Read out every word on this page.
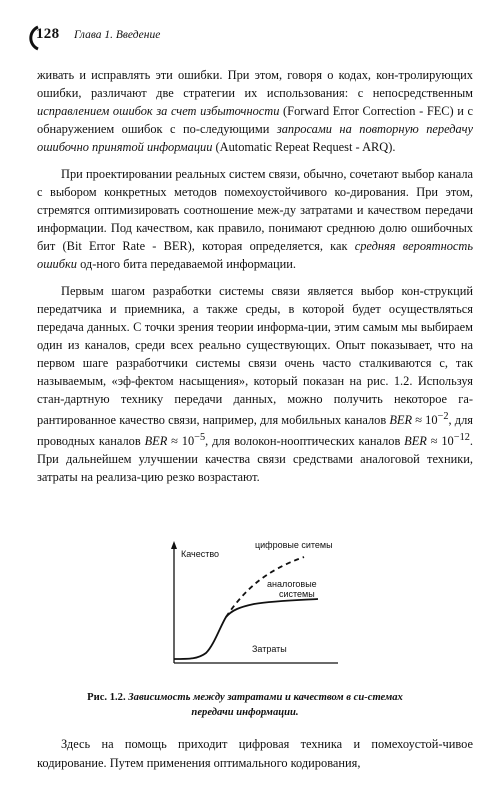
128 Глава 1. Введение

живать и исправлять эти ошибки. При этом, говоря о кодах, кон-тролирующих ошибки, различают две стратегии их использования: с непосредственным исправлением ошибок за счет избыточности (Forward Error Correction - FEC) и с обнаружением ошибок с по-следующими запросами на повторную передачу ошибочно принятой информации (Automatic Repeat Request - ARQ).

При проектировании реальных систем связи, обычно, сочетают выбор канала с выбором конкретных методов помехоустойчивого ко-дирования. При этом, стремятся оптимизировать соотношение меж-ду затратами и качеством передачи информации. Под качеством, как правило, понимают среднюю долю ошибочных бит (Bit Error Rate - BER), которая определяется, как средняя вероятность ошибки од-ного бита передаваемой информации.

Первым шагом разработки системы связи является выбор кон-струкций передатчика и приемника, а также среды, в которой будет осуществляться передача данных. С точки зрения теории информа-ции, этим самым мы выбираем один из каналов, среди всех реально существующих. Опыт показывает, что на первом шаге разработчики системы связи очень часто сталкиваются с, так называемым, «эф-фектом насыщения», который показан на рис. 1.2. Используя стан-дартную технику передачи данных, можно получить некоторое га-рантированное качество связи, например, для мобильных каналов BER ≈ $10^{-2}$, для проводных каналов BER ≈ $10^{-5}$, для волокон-нооптических каналов BER ≈ $10^{-12}$. При дальнейшем улучшении качества связи средствами аналоговой техники, затраты на реализа-цию резко возрастают.

Качество
цифровые ситемы
аналоговые
системы
Затраты
Рис. 1.2. Зависимость между затратами и качеством в си-стемах передачи информации.

Здесь на помощь приходит цифровая техника и помехоустой-чивое кодирование. Путем применения оптимального кодирования,
